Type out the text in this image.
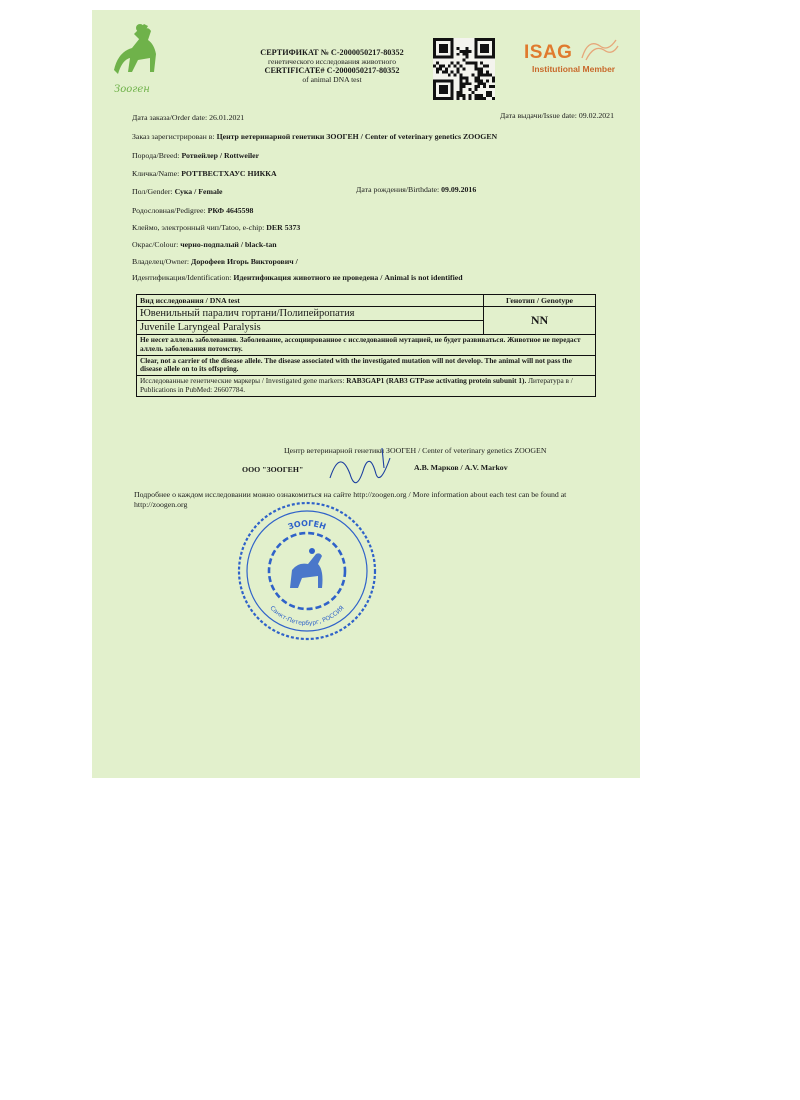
Зооген
СЕРТИФИКАТ № С-2000050217-80352
генетического исследования животного
CERTIFICATE# C-2000050217-80352
of animal DNA test
ISAG
Institutional Member
Дата заказа/Order date: 26.01.2021	Дата выдачи/Issue date: 09.02.2021
Заказ зарегистрирован в: Центр ветеринарной генетики ЗООГЕН / Center of veterinary genetics ZOOGEN
Порода/Breed: Ротвейлер / Rottweiler
Кличка/Name: РОТТВЕСТХАУС НИККА
Пол/Gender: Сука / Female	Дата рождения/Birthdate: 09.09.2016
Родословная/Pedigree: РКФ 4645598
Клеймо, электронный чип/Tatoo, e-chip: DER 5373
Окрас/Colour: черно-подпалый / black-tan
Владелец/Owner: Дорофеев Игорь Викторович /
Идентификация/Identification: Идентификация животного не проведена / Animal is not identified
Вид исследования / DNA test	Генотип / Genotype
Ювенильный паралич гортани/Полипейропатия	NN
Juvenile Laryngeal Paralysis	
Не несет аллель заболевания. Заболевание, ассоциированное с исследованной мутацией, не будет развиваться. Животное не передаст аллель заболевания потомству.	
Clear, not a carrier of the disease allele. The disease associated with the investigated mutation will not develop. The animal will not pass the disease allele on to its offspring.	
Исследованные генетические маркеры / Investigated gene markers: RAB3GAP1 (RAB3 GTPase activating protein subunit 1). Литература в / Publications in PubMed: 26607784.	
Центр ветеринарной генетики ЗООГЕН / Center of veterinary genetics ZOOGEN
ООО "ЗООГЕН"	А.В. Марков / A.V. Markov
Подробнее о каждом исследовании можно ознакомиться на сайте http://zoogen.org / More information about each test can be found at http://zoogen.org
ЗООГЕН
Санкт-Петербург, РОССИЯ
